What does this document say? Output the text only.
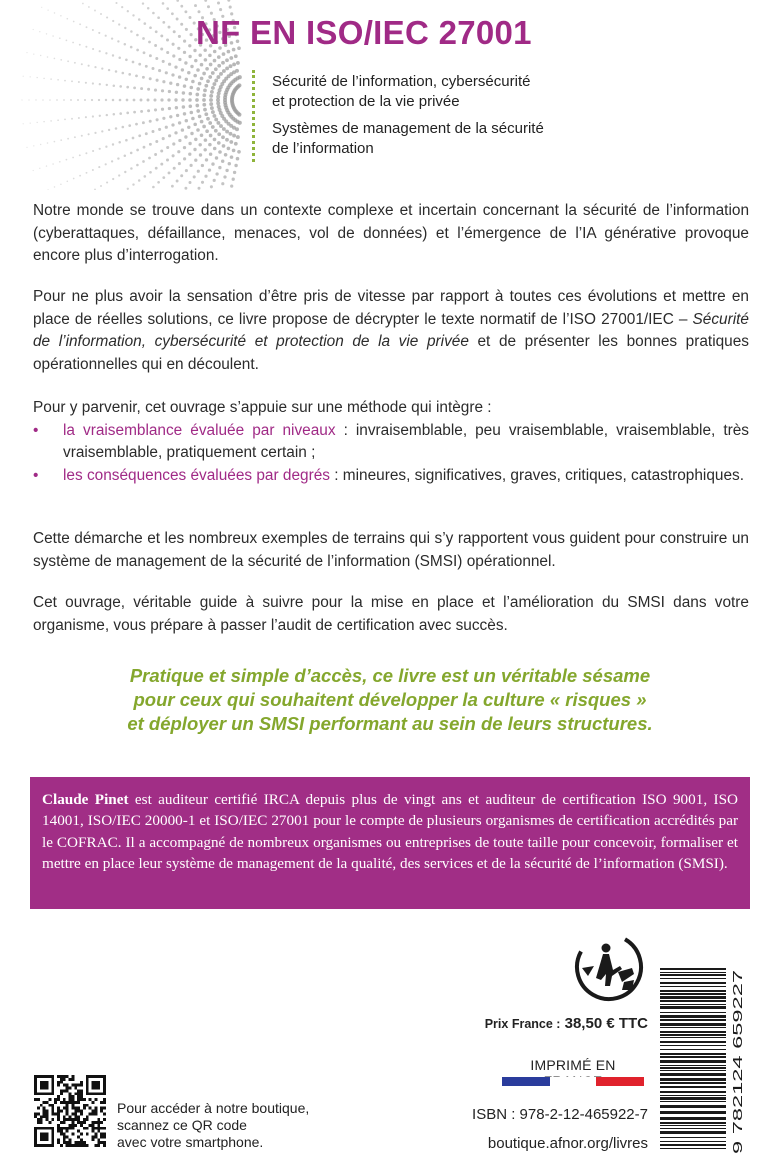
NF EN ISO/IEC 27001

Sécurité de l’information, cybersécurité
et protection de la vie privée

Systèmes de management de la sécurité
de l’information

Notre monde se trouve dans un contexte complexe et incertain concernant la sécurité de l’information (cyberattaques, défaillance, menaces, vol de données) et l’émergence de l’IA générative provoque encore plus d’interrogation.

Pour ne plus avoir la sensation d’être pris de vitesse par rapport à toutes ces évolutions et mettre en place de réelles solutions, ce livre propose de décrypter le texte normatif de l’ISO 27001/IEC – Sécurité de l’information, cybersécurité et protection de la vie privée et de présenter les bonnes pratiques opérationnelles qui en découlent.

Pour y parvenir, cet ouvrage s’appuie sur une méthode qui intègre :

• la vraisemblance évaluée par niveaux : invraisemblable, peu vraisemblable, vraisemblable, très vraisemblable, pratiquement certain ;
• les conséquences évaluées par degrés : mineures, significatives, graves, critiques, catastrophiques.

Cette démarche et les nombreux exemples de terrains qui s’y rapportent vous guident pour construire un système de management de la sécurité de l’information (SMSI) opérationnel.

Cet ouvrage, véritable guide à suivre pour la mise en place et l’amélioration du SMSI dans votre organisme, vous prépare à passer l’audit de certification avec succès.

Pratique et simple d’accès, ce livre est un véritable sésame
pour ceux qui souhaitent développer la culture « risques »
et déployer un SMSI performant au sein de leurs structures.

Claude Pinet est auditeur certifié IRCA depuis plus de vingt ans et auditeur de certification ISO 9001, ISO 14001, ISO/IEC 20000-1 et ISO/IEC 27001 pour le compte de plusieurs organismes de certification accrédités par le COFRAC. Il a accompagné de nombreux organismes ou entreprises de toute taille pour concevoir, formaliser et mettre en place leur système de management de la qualité, des services et de la sécurité de l’information (SMSI).

Prix France : 38,50 € TTC

IMPRIMÉ EN

ISBN : 978-2-12-465922-7

boutique.afnor.org/livres	9 782124 659227

Pour accéder à notre boutique,
scannez ce QR code
avec votre smartphone.
